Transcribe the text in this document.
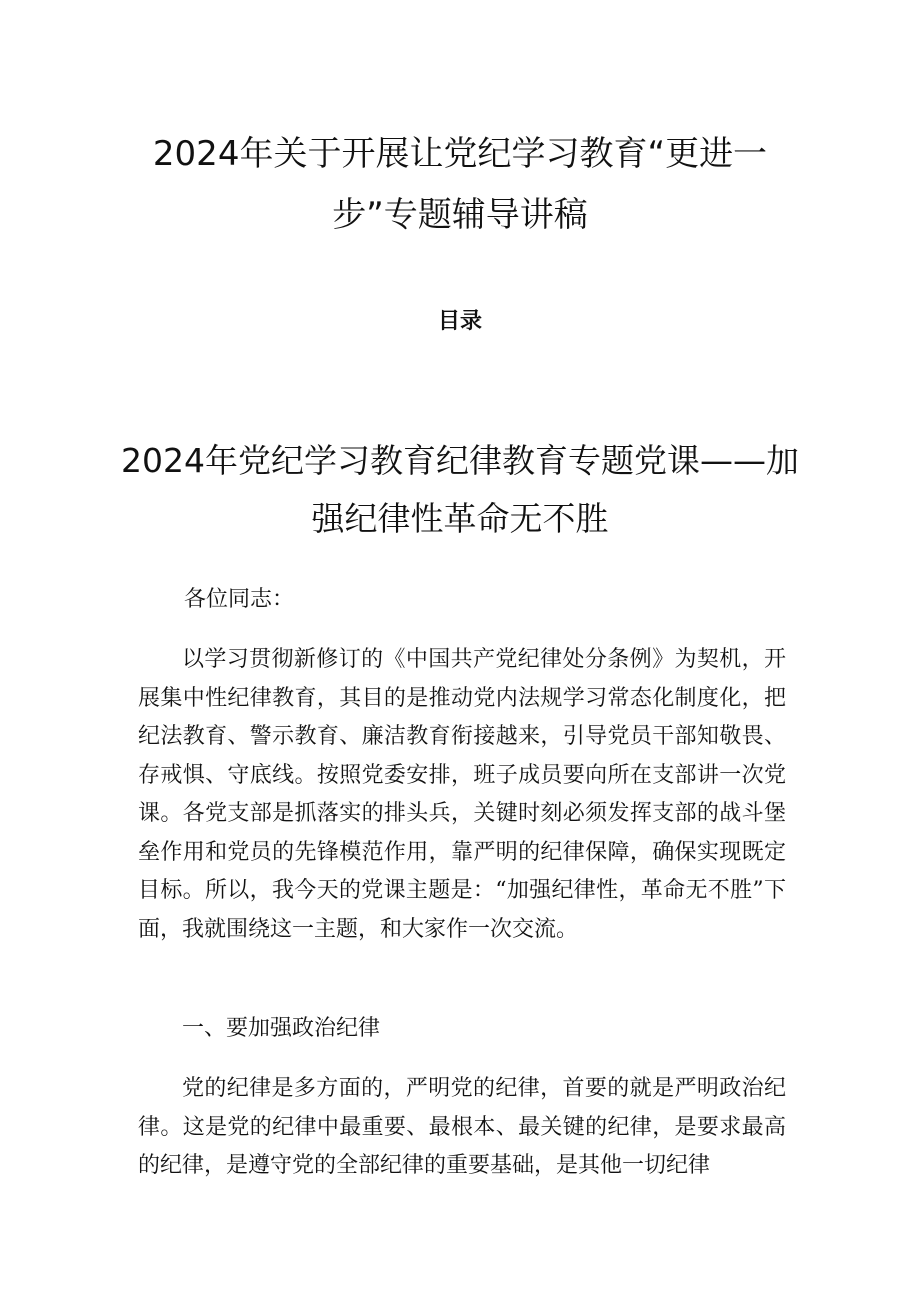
2024年关于开展让党纪学习教育“更进一步”专题辅导讲稿
目录
2024年党纪学习教育纪律教育专题党课——加强纪律性革命无不胜

各位同志：

以学习贯彻新修订的《中国共产党纪律处分条例》为契机，开展集中性纪律教育，其目的是推动党内法规学习常态化制度化，把纪法教育、警示教育、廉洁教育衔接越来，引导党员干部知敬畏、存戒惧、守底线。按照党委安排，班子成员要向所在支部讲一次党课。各党支部是抓落实的排头兵，关键时刻必须发挥支部的战斗堡垒作用和党员的先锋模范作用，靠严明的纪律保障，确保实现既定目标。所以，我今天的党课主题是：“加强纪律性，革命无不胜”下面，我就围绕这一主题，和大家作一次交流。

一、要加强政治纪律

党的纪律是多方面的，严明党的纪律，首要的就是严明政治纪律。这是党的纪律中最重要、最根本、最关键的纪律，是要求最高的纪律，是遵守党的全部纪律的重要基础，是其他一切纪律
